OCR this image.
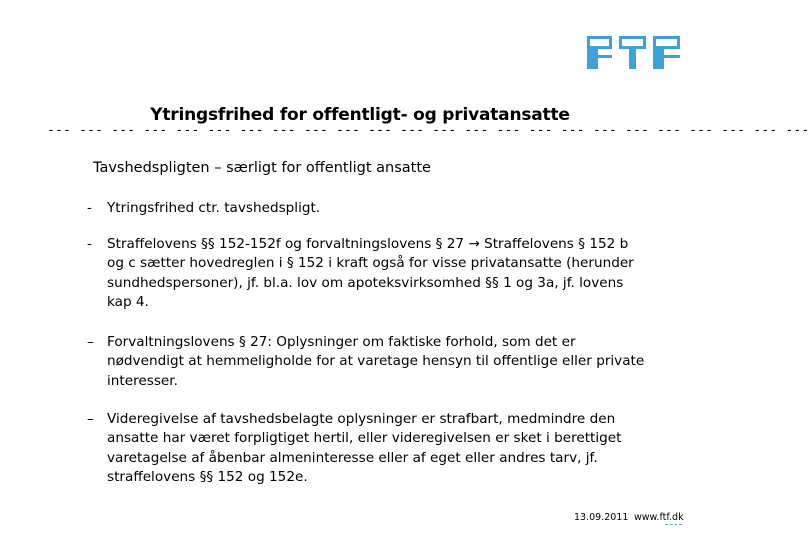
Ytringsfrihed for offentligt- og privatansatte
--- --- --- --- --- --- --- --- --- --- --- --- --- --- --- --- --- --- --- --- --- --- --- ---
Tavshedspligten – særligt for offentligt ansatte
- Ytringsfrihed ctr. tavshedspligt.
- Straffelovens §§ 152-152f og forvaltningslovens § 27 → Straffelovens § 152 b og c sætter hovedreglen i § 152 i kraft også for visse privatansatte (herunder sundhedspersoner), jf. bl.a. lov om apoteksvirksomhed §§ 1 og 3a, jf. lovens kap 4.
– Forvaltningslovens § 27: Oplysninger om faktiske forhold, som det er nødvendigt at hemmeligholde for at varetage hensyn til offentlige eller private interesser.
– Videregivelse af tavshedsbelagte oplysninger er strafbart, medmindre den ansatte har været forpligtiget hertil, eller videregivelsen er sket i berettiget varetagelse af åbenbar almeninteresse eller af eget eller andres tarv, jf. straffelovens §§ 152 og 152e.
13.09.2011 www.ftf.dk
